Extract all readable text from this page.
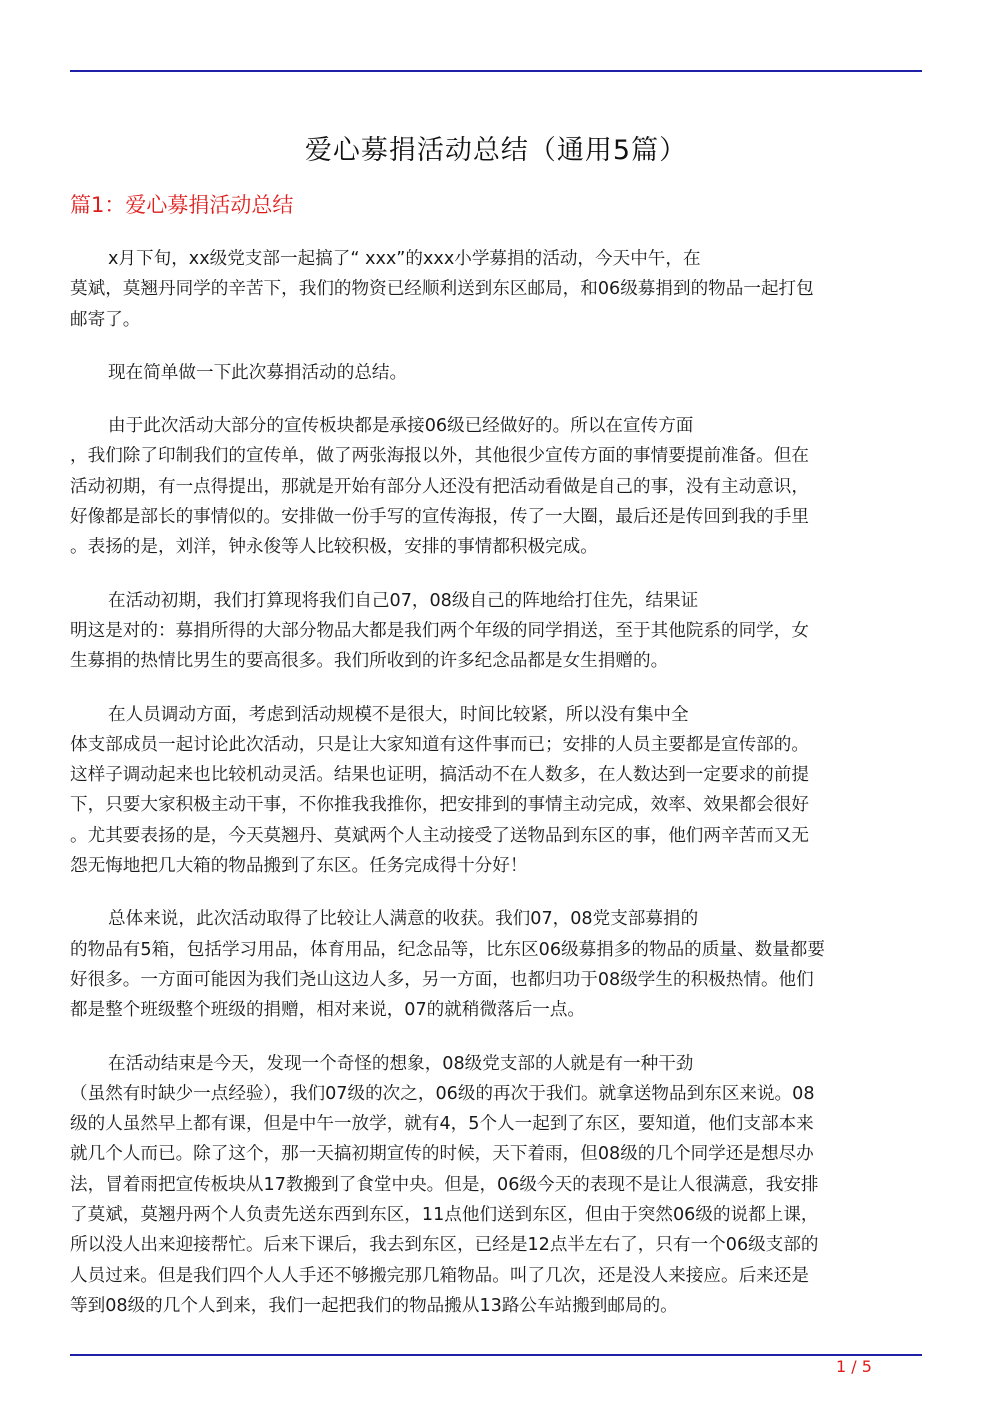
爱心募捐活动总结（通用5篇）
篇1：爱心募捐活动总结

x月下旬，xx级党支部一起搞了“ xxx”的xxx小学募捐的活动，今天中午，在
莫斌，莫翘丹同学的辛苦下，我们的物资已经顺利送到东区邮局，和06级募捐到的物品一起打包
邮寄了。

现在简单做一下此次募捐活动的总结。

由于此次活动大部分的宣传板块都是承接06级已经做好的。所以在宣传方面
，我们除了印制我们的宣传单，做了两张海报以外，其他很少宣传方面的事情要提前准备。但在
活动初期，有一点得提出，那就是开始有部分人还没有把活动看做是自己的事，没有主动意识，
好像都是部长的事情似的。安排做一份手写的宣传海报，传了一大圈，最后还是传回到我的手里
。表扬的是，刘洋，钟永俊等人比较积极，安排的事情都积极完成。

在活动初期，我们打算现将我们自己07，08级自己的阵地给打住先，结果证
明这是对的：募捐所得的大部分物品大都是我们两个年级的同学捐送，至于其他院系的同学，女
生募捐的热情比男生的要高很多。我们所收到的许多纪念品都是女生捐赠的。

在人员调动方面，考虑到活动规模不是很大，时间比较紧，所以没有集中全
体支部成员一起讨论此次活动，只是让大家知道有这件事而已；安排的人员主要都是宣传部的。
这样子调动起来也比较机动灵活。结果也证明，搞活动不在人数多，在人数达到一定要求的前提
下，只要大家积极主动干事，不你推我我推你，把安排到的事情主动完成，效率、效果都会很好
。尤其要表扬的是，今天莫翘丹、莫斌两个人主动接受了送物品到东区的事，他们两辛苦而又无
怨无悔地把几大箱的物品搬到了东区。任务完成得十分好！

总体来说，此次活动取得了比较让人满意的收获。我们07，08党支部募捐的
的物品有5箱，包括学习用品，体育用品，纪念品等，比东区06级募捐多的物品的质量、数量都要
好很多。一方面可能因为我们尧山这边人多，另一方面，也都归功于08级学生的积极热情。他们
都是整个班级整个班级的捐赠，相对来说，07的就稍微落后一点。

在活动结束是今天，发现一个奇怪的想象，08级党支部的人就是有一种干劲
（虽然有时缺少一点经验），我们07级的次之，06级的再次于我们。就拿送物品到东区来说。08
级的人虽然早上都有课，但是中午一放学，就有4，5个人一起到了东区，要知道，他们支部本来
就几个人而已。除了这个，那一天搞初期宣传的时候，天下着雨，但08级的几个同学还是想尽办
法，冒着雨把宣传板块从17教搬到了食堂中央。但是，06级今天的表现不是让人很满意，我安排
了莫斌，莫翘丹两个人负责先送东西到东区，11点他们送到东区，但由于突然06级的说都上课，
所以没人出来迎接帮忙。后来下课后，我去到东区，已经是12点半左右了，只有一个06级支部的
人员过来。但是我们四个人人手还不够搬完那几箱物品。叫了几次，还是没人来接应。后来还是
等到08级的几个人到来，我们一起把我们的物品搬从13路公车站搬到邮局的。

1 / 5
